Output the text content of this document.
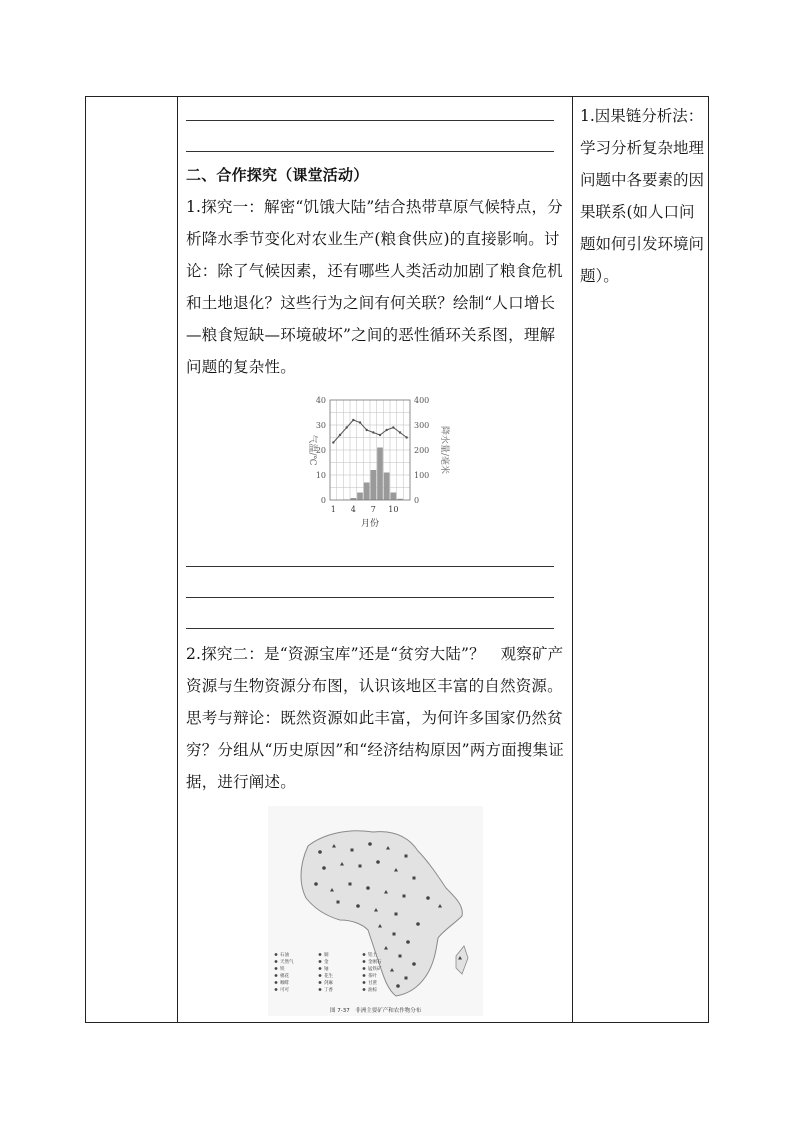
二、合作探究（课堂活动）
1.探究一：解密“饥饿大陆”结合热带草原气候特点，分析降水季节变化对农业生产(粮食供应)的直接影响。讨论：除了气候因素，还有哪些人类活动加剧了粮食危机和土地退化？这些行为之间有何关联？绘制“人口增长—粮食短缺—环境破坏”之间的恶性循环关系图，理解问题的复杂性。
0
10
20
30
40
0
100
200
300
400
1 4 7 10
月份
气温/℃	降水量/毫米
2.探究二：是“资源宝库”还是“贫穷大陆”？　观察矿产资源与生物资源分布图，认识该地区丰富的自然资源。思考与辩论：既然资源如此丰富，为何许多国家仍然贫穷？分组从“历史原因”和“经济结构原因”两方面搜集证据，进行阐述。
石油
天然气
铁
棉花
咖啡
可可
铜
金
铀
花生
剑麻
丁香
铝土
金刚石
锰铁矿
茶叶
甘蔗
油棕
图 7-37　非洲主要矿产和农作物分布
1.因果链分析法：学习分析复杂地理问题中各要素的因果联系(如人口问题如何引发环境问题）。
